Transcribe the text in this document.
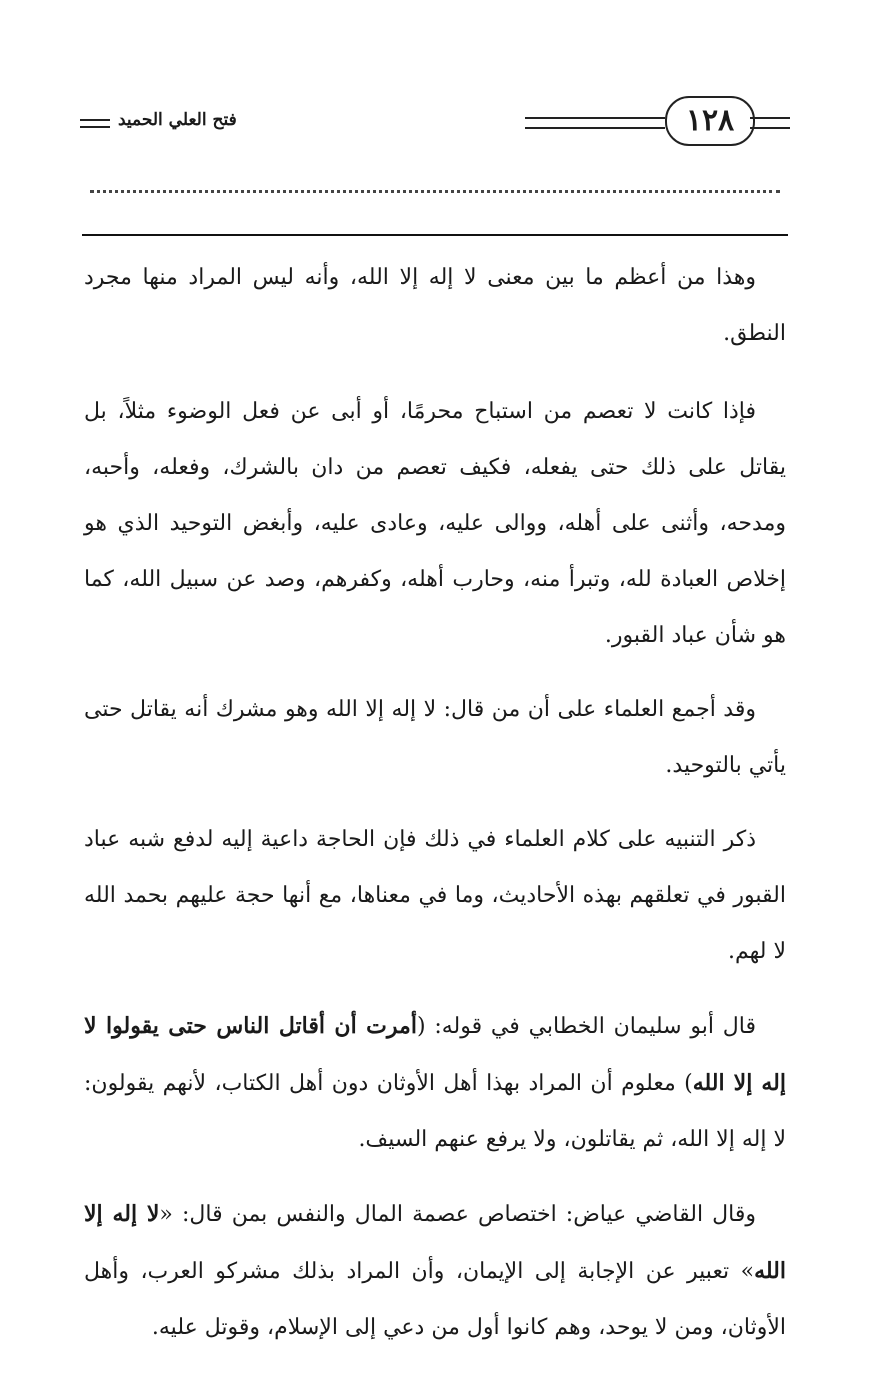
فتح العلي الحميد	١٢٨

وهذا من أعظم ما بين معنى لا إله إلا الله، وأنه ليس المراد منها مجرد النطق.

فإذا كانت لا تعصم من استباح محرمًا، أو أبى عن فعل الوضوء مثلاً، بل يقاتل على ذلك حتى يفعله، فكيف تعصم من دان بالشرك، وفعله، وأحبه، ومدحه، وأثنى على أهله، ووالى عليه، وعادى عليه، وأبغض التوحيد الذي هو إخلاص العبادة لله، وتبرأ منه، وحارب أهله، وكفرهم، وصد عن سبيل الله، كما هو شأن عباد القبور.

وقد أجمع العلماء على أن من قال: لا إله إلا الله وهو مشرك أنه يقاتل حتى يأتي بالتوحيد.

ذكر التنبيه على كلام العلماء في ذلك فإن الحاجة داعية إليه لدفع شبه عباد القبور في تعلقهم بهذه الأحاديث، وما في معناها، مع أنها حجة عليهم بحمد الله لا لهم.

قال أبو سليمان الخطابي في قوله: (أمرت أن أقاتل الناس حتى يقولوا لا إله إلا الله) معلوم أن المراد بهذا أهل الأوثان دون أهل الكتاب، لأنهم يقولون: لا إله إلا الله، ثم يقاتلون، ولا يرفع عنهم السيف.

وقال القاضي عياض: اختصاص عصمة المال والنفس بمن قال: «لا إله إلا الله» تعبير عن الإجابة إلى الإيمان، وأن المراد بذلك مشركو العرب، وأهل الأوثان، ومن لا يوحد، وهم كانوا أول من دعي إلى الإسلام، وقوتل عليه.
